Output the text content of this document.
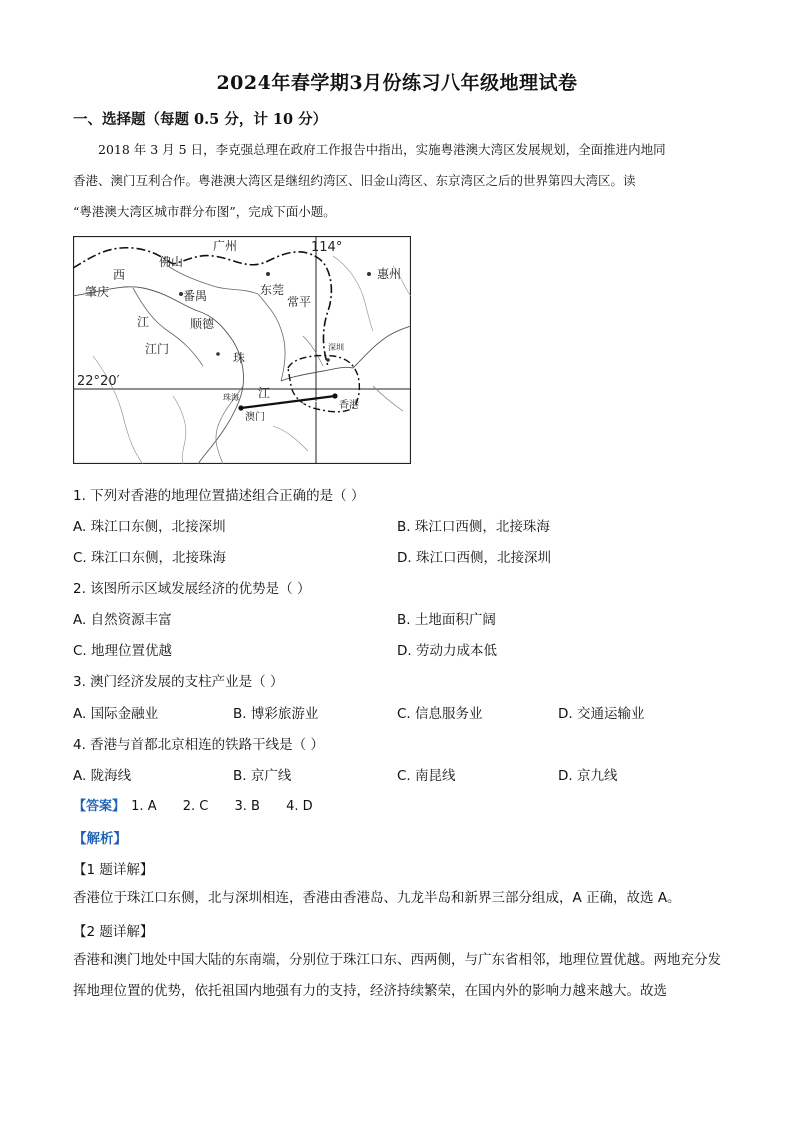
2024年春学期3月份练习八年级地理试卷
一、选择题（每题 0.5 分，计 10 分）

2018 年 3 月 5 日，李克强总理在政府工作报告中指出，实施粤港澳大湾区发展规划，全面推进内地同

香港、澳门互利合作。粤港澳大湾区是继纽约湾区、旧金山湾区、东京湾区之后的世界第四大湾区。读
“粤港澳大湾区城市群分布图”，完成下面小题。
广州
佛山
西
肇庆	番禺	东莞
常平
惠州
江	顺德
江门
珠
深圳
江
珠海
澳门
香港
114°
22°20′
1. 下列对香港的地理位置描述组合正确的是（ ）
A. 珠江口东侧，北接深圳	B. 珠江口西侧，北接珠海
C. 珠江口东侧，北接珠海	D. 珠江口西侧，北接深圳
2. 该图所示区域发展经济的优势是（ ）
A. 自然资源丰富	B. 土地面积广阔
C. 地理位置优越	D. 劳动力成本低
3. 澳门经济发展的支柱产业是（ ）
A. 国际金融业	B. 博彩旅游业	C. 信息服务业	D. 交通运输业
4. 香港与首都北京相连的铁路干线是（ ）
A. 陇海线	B. 京广线	C. 南昆线	D. 京九线
【答案】 1. A 2. C 3. B 4. D
【解析】
【1 题详解】
香港位于珠江口东侧，北与深圳相连，香港由香港岛、九龙半岛和新界三部分组成，A 正确，故选 A。
【2 题详解】
香港和澳门地处中国大陆的东南端，分别位于珠江口东、西两侧，与广东省相邻，地理位置优越。两地充分发挥地理位置的优势，依托祖国内地强有力的支持，经济持续繁荣，在国内外的影响力越来越大。故选
